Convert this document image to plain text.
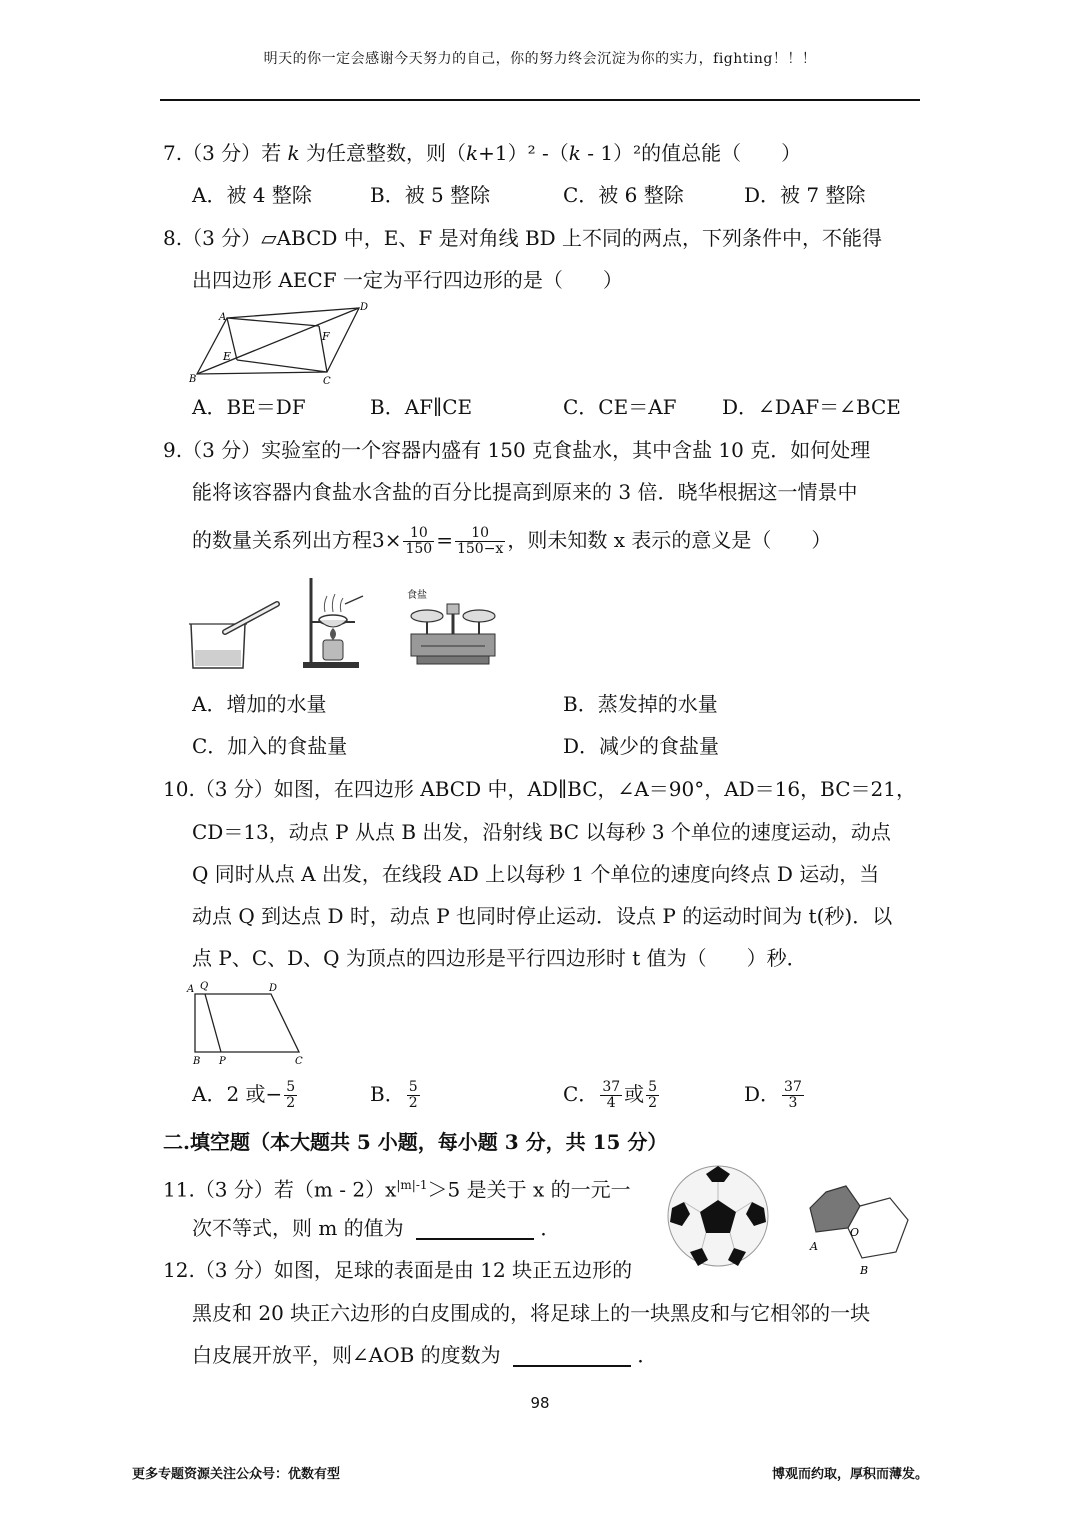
明天的你一定会感谢今天努力的自己，你的努力终会沉淀为你的实力，fighting！！！
7.（3 分）若 k 为任意整数，则（k+1）² -（k - 1）²的值总能（　　）
A．被 4 整除	B．被 5 整除	C．被 6 整除	D．被 7 整除
8.（3 分）▱ABCD 中，E、F 是对角线 BD 上不同的两点，下列条件中，不能得
出四边形 AECF 一定为平行四边形的是（　　）
A
B	C
D
E
F
A．BE＝DF	B．AF∥CE	C．CE＝AF D．∠DAF＝∠BCE
9.（3 分）实验室的一个容器内盛有 150 克食盐水，其中含盐 10 克．如何处理
能将该容器内食盐水含盐的百分比提高到原来的 3 倍．晓华根据这一情景中
的数量关系列出方程$3\times \frac{10}{150} = \frac{10}{150-x}$ ，则未知数 x 表示的意义是（　　）
食盐
A．增加的水量	B．蒸发掉的水量
C．加入的食盐量	D．减少的食盐量
10.（3 分）如图，在四边形 ABCD 中，AD∥BC，∠A＝90°，AD＝16，BC＝21，
CD＝13，动点 P 从点 B 出发，沿射线 BC 以每秒 3 个单位的速度运动，动点
Q 同时从点 A 出发，在线段 AD 上以每秒 1 个单位的速度向终点 D 运动，当
动点 Q 到达点 D 时，动点 P 也同时停止运动．设点 P 的运动时间为 t(秒)．以
点 P、C、D、Q 为顶点的四边形是平行四边形时 t 值为（　　）秒．
A Q	D
B P	C
A．2 或− $\frac{5}{2}$	B． $\frac{5}{2}$	C． $\frac{37}{4}$ 或 $\frac{5}{2}$	D． $\frac{37}{3}$
二.填空题（本大题共 5 小题，每小题 3 分，共 15 分）
11.（3 分）若$(m - 2)x^{|m|-1}>5$ 是关于 x 的一元一
次不等式，则 m 的值为	．
A
O
B
12.（3 分）如图，足球的表面是由 12 块正五边形的
黑皮和 20 块正六边形的白皮围成的，将足球上的一块黑皮和与它相邻的一块
白皮展开放平，则∠AOB 的度数为	．
98
更多专题资源关注公众号：优数有型	博观而约取，厚积而薄发。
